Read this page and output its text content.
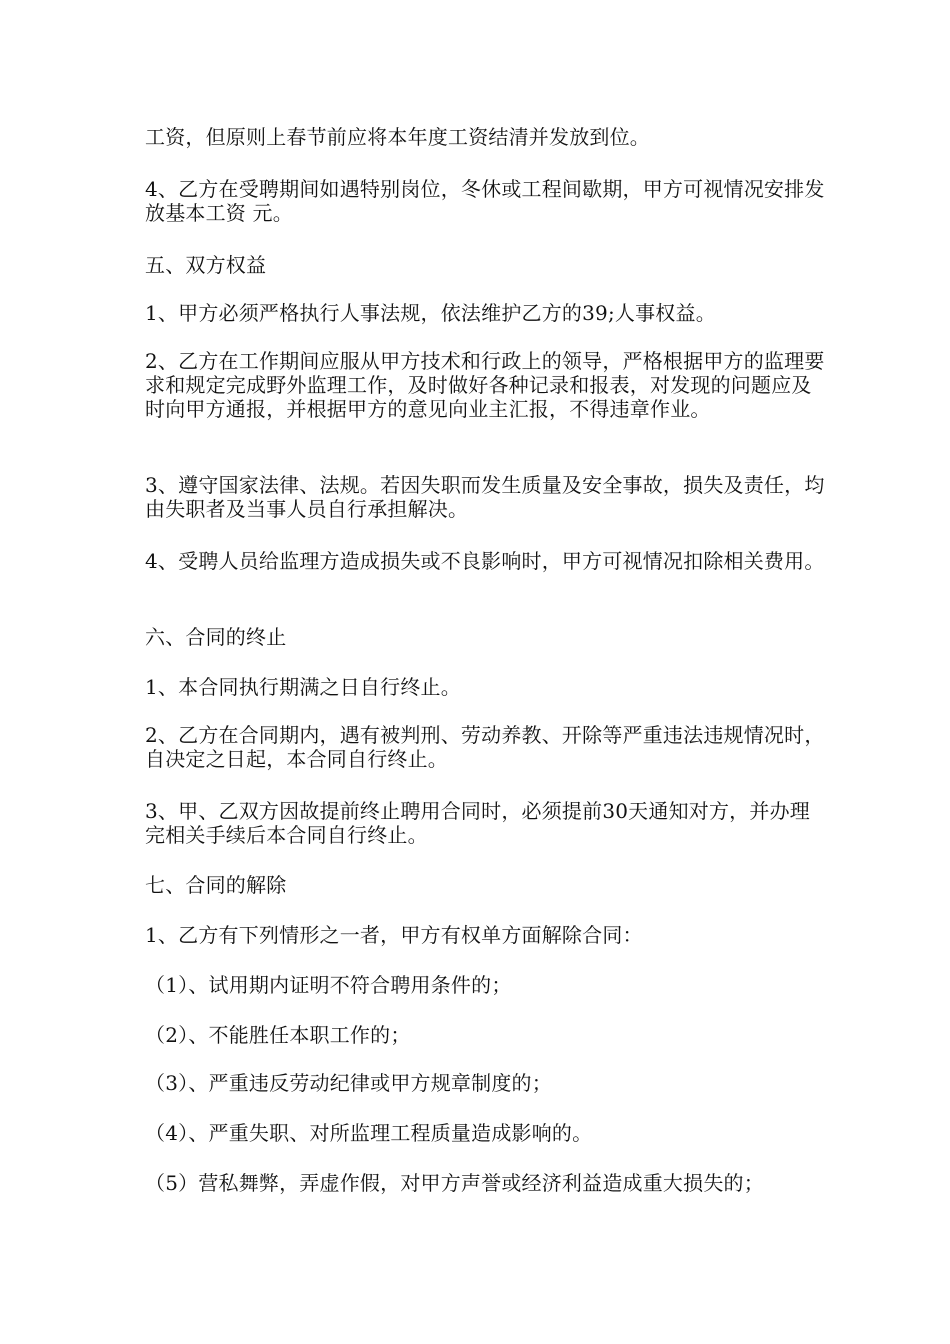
工资，但原则上春节前应将本年度工资结清并发放到位。

4、乙方在受聘期间如遇特别岗位，冬休或工程间歇期，甲方可视情况安排发放基本工资 元。

五、双方权益

1、甲方必须严格执行人事法规，依法维护乙方的39;人事权益。

2、乙方在工作期间应服从甲方技术和行政上的领导，严格根据甲方的监理要求和规定完成野外监理工作，及时做好各种记录和报表，对发现的问题应及时向甲方通报，并根据甲方的意见向业主汇报，不得违章作业。

3、遵守国家法律、法规。若因失职而发生质量及安全事故，损失及责任，均由失职者及当事人员自行承担解决。

4、受聘人员给监理方造成损失或不良影响时，甲方可视情况扣除相关费用。

六、合同的终止

1、本合同执行期满之日自行终止。

2、乙方在合同期内，遇有被判刑、劳动养教、开除等严重违法违规情况时，自决定之日起，本合同自行终止。

3、甲、乙双方因故提前终止聘用合同时，必须提前30天通知对方，并办理完相关手续后本合同自行终止。

七、合同的解除

1、乙方有下列情形之一者，甲方有权单方面解除合同：

（1）、试用期内证明不符合聘用条件的；

（2）、不能胜任本职工作的；

（3）、严重违反劳动纪律或甲方规章制度的；

（4）、严重失职、对所监理工程质量造成影响的。

（5）营私舞弊，弄虚作假，对甲方声誉或经济利益造成重大损失的；
